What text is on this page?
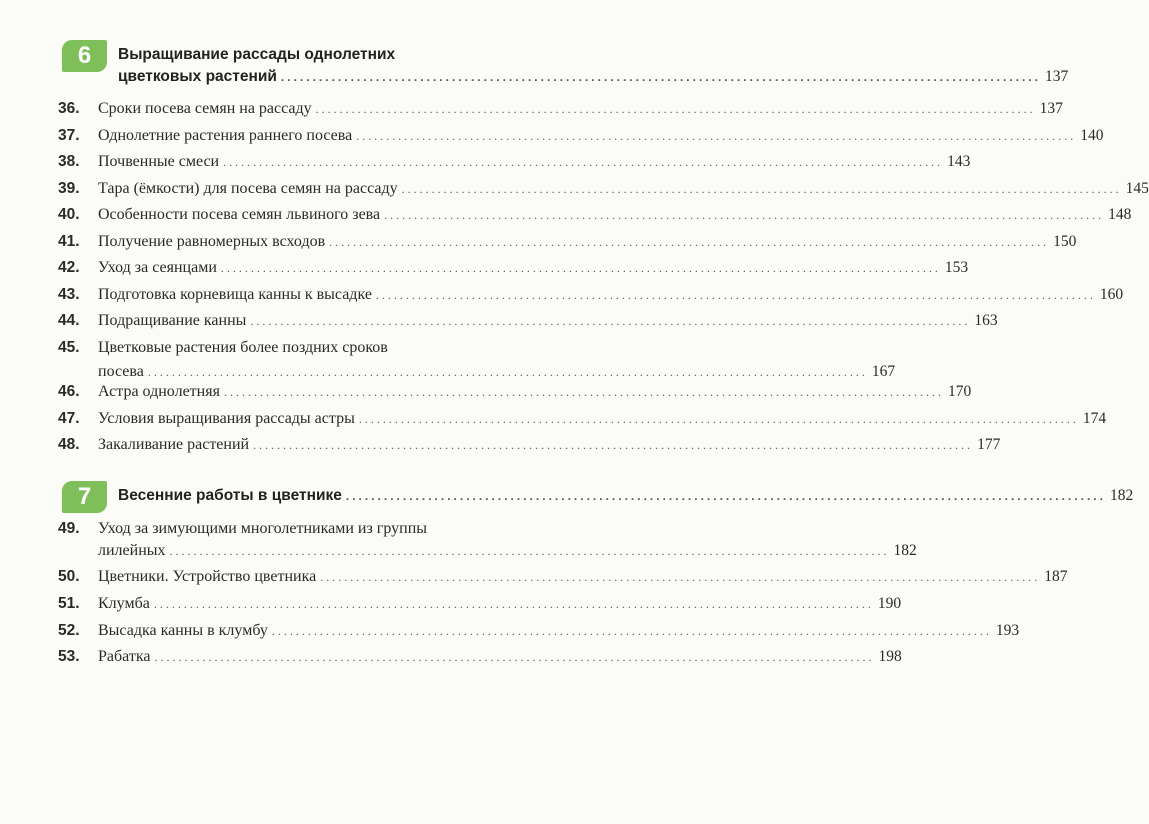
6	Выращивание рассады однолетних
цветковых растений ........................................................................................................................ 137
36. Сроки посева семян на рассаду ........................................................................................................................ 137
37. Однолетние растения раннего посева ........................................................................................................................ 140
38. Почвенные смеси ........................................................................................................................ 143
39. Тара (ёмкости) для посева семян на рассаду ........................................................................................................................ 145
40. Особенности посева семян львиного зева ........................................................................................................................ 148
41. Получение равномерных всходов ........................................................................................................................ 150
42. Уход за сеянцами ........................................................................................................................ 153
43. Подготовка корневища канны к высадке ........................................................................................................................ 160
44. Подращивание канны ........................................................................................................................ 163
45. Цветковые растения более поздних сроков
посева ........................................................................................................................ 167
46. Астра однолетняя ........................................................................................................................ 170
47. Условия выращивания рассады астры ........................................................................................................................ 174
48. Закаливание растений ........................................................................................................................ 177
7	Весенние работы в цветнике ........................................................................................................................ 182
49. Уход за зимующими многолетниками из группы
лилейных ........................................................................................................................ 182
50. Цветники. Устройство цветника ........................................................................................................................ 187
51. Клумба ........................................................................................................................ 190
52. Высадка канны в клумбу ........................................................................................................................ 193
53. Рабатка ........................................................................................................................ 198
